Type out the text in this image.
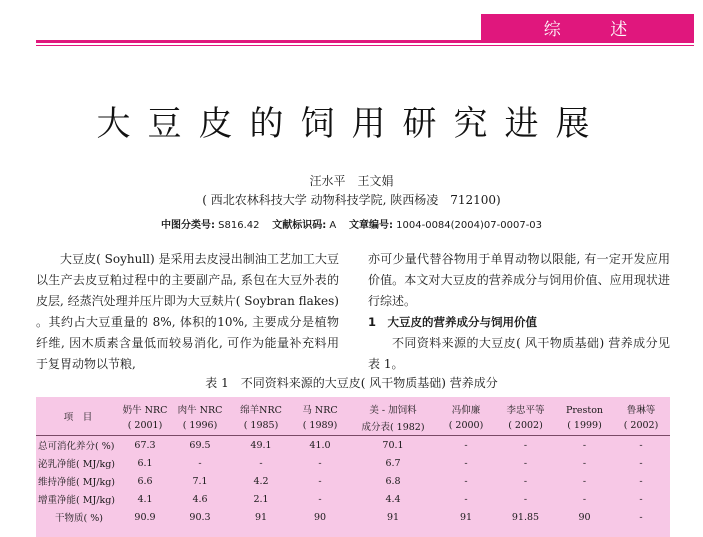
综 述
大豆皮的饲用研究进展
汪水平　王文娟
( 西北农林科技大学 动物科技学院, 陕西杨凌　712100)
中图分类号: S816.42 文献标识码: A 文章编号: 1004-0084(2004)07-0007-03

大豆皮( Soyhull) 是采用去皮浸出制油工艺加工大豆以生产去皮豆粕过程中的主要副产品, 系包在大豆外表的皮层, 经蒸汽处理并压片即为大豆麸片( Soybran flakes) 。其约占大豆重量的 8%, 体积的10%, 主要成分是植物纤维, 因木质素含量低而较易消化, 可作为能量补充料用于复胃动物以节粮,

亦可少量代替谷物用于单胃动物以限能, 有一定开发应用价值。本文对大豆皮的营养成分与饲用价值、应用现状进行综述。

1　大豆皮的营养成分与饲用价值

不同资料来源的大豆皮( 风干物质基础) 营养成分见表 1。

表 1　不同资料来源的大豆皮( 风干物质基础) 营养成分
项　目	奶牛 NRC	肉牛 NRC	绵羊NRC	马 NRC	美 - 加饲料	冯仰廉	李忠平等	Preston	鲁琳等
	( 2001)	( 1996)	( 1985)	( 1989)	成分表( 1982)	( 2000)	( 2002)	( 1999)	( 2002)
总可消化养分( %)	67.3	69.5	49.1	41.0	70.1	-	-	-	-
泌乳净能( MJ/kg)	6.1	-	-	-	6.7	-	-	-	-
维持净能( MJ/kg)	6.6	7.1	4.2	-	6.8	-	-	-	-
增重净能( MJ/kg)	4.1	4.6	2.1	-	4.4	-	-	-	-
干物质( %)	90.9	90.3	91	90	91	91	91.85	90	-
